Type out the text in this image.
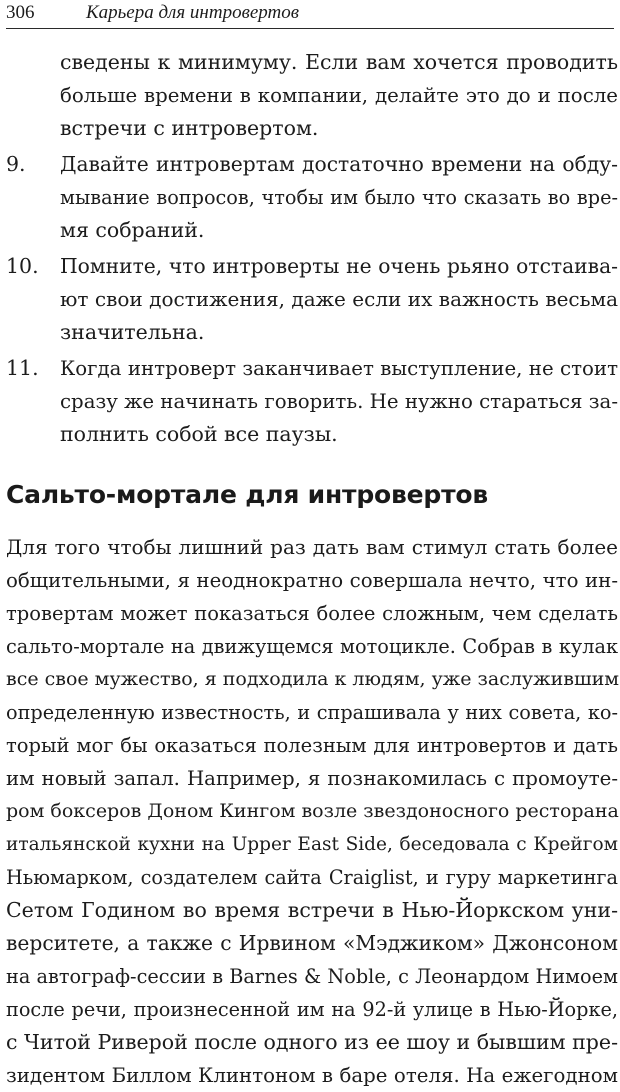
306	Карьера для интровертов
сведены к минимуму. Если вам хочется проводить
больше времени в компании, делайте это до и после
встречи с интровертом.
9.	Давайте интровертам достаточно времени на обду-
мывание вопросов, чтобы им было что сказать во вре-
мя собраний.
10.	Помните, что интроверты не очень рьяно отстаива-
ют свои достижения, даже если их важность весьма
значительна.
11.	Когда интроверт заканчивает выступление, не стоит
сразу же начинать говорить. Не нужно стараться за-
полнить собой все паузы.
Сальто-мортале для интровертов
Для того чтобы лишний раз дать вам стимул стать более
общительными, я неоднократно совершала нечто, что ин-
тровертам может показаться более сложным, чем сделать
сальто-мортале на движущемся мотоцикле. Собрав в кулак
все свое мужество, я подходила к людям, уже заслужившим
определенную известность, и спрашивала у них совета, ко-
торый мог бы оказаться полезным для интровертов и дать
им новый запал. Например, я познакомилась с промоуте-
ром боксеров Доном Кингом возле звездоносного ресторана
итальянской кухни на Upper East Side, беседовала с Крейгом
Ньюмарком, создателем сайта Craiglist, и гуру маркетинга
Сетом Годином во время встречи в Нью-Йоркском уни-
верситете, а также с Ирвином «Мэджиком» Джонсоном
на автограф-сессии в Barnes & Noble, с Леонардом Нимоем
после речи, произнесенной им на 92-й улице в Нью-Йорке,
с Читой Риверой после одного из ее шоу и бывшим пре-
зидентом Биллом Клинтоном в баре отеля. На ежегодном
